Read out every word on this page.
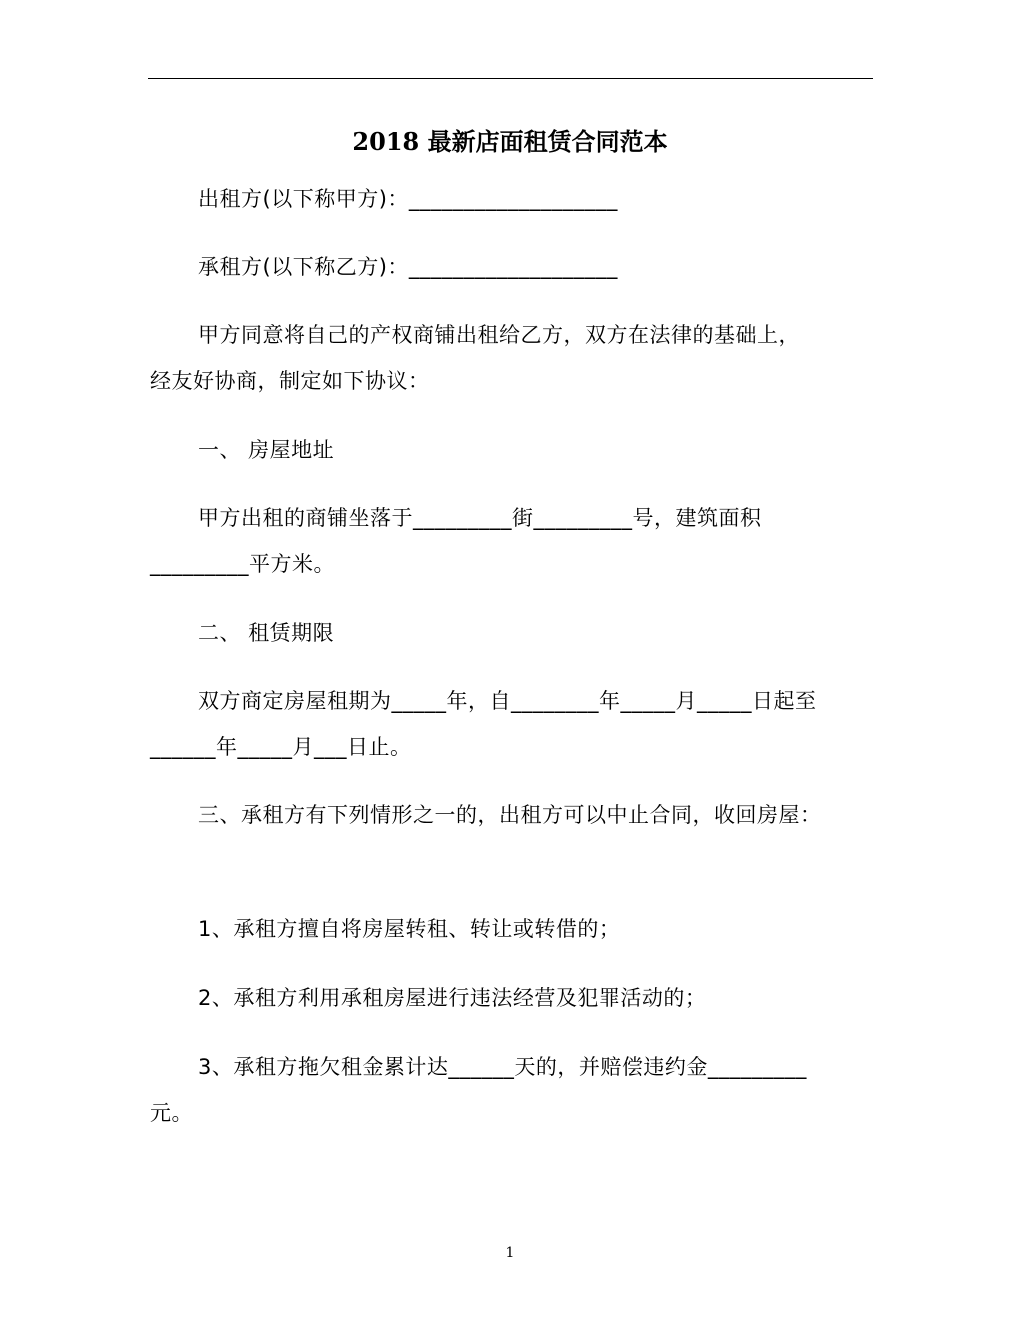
2018 最新店面租赁合同范本
出租方(以下称甲方)：___________________
承租方(以下称乙方)：___________________
甲方同意将自己的产权商铺出租给乙方，双方在法律的基础上，
经友好协商，制定如下协议：
一、 房屋地址
甲方出租的商铺坐落于_________街_________号，建筑面积
_________平方米。
二、 租赁期限
双方商定房屋租期为_____年，自________年_____月_____日起至
______年_____月___日止。
三、承租方有下列情形之一的，出租方可以中止合同，收回房屋：
1、承租方擅自将房屋转租、转让或转借的；
2、承租方利用承租房屋进行违法经营及犯罪活动的；
3、承租方拖欠租金累计达______天的，并赔偿违约金_________
元。
1
